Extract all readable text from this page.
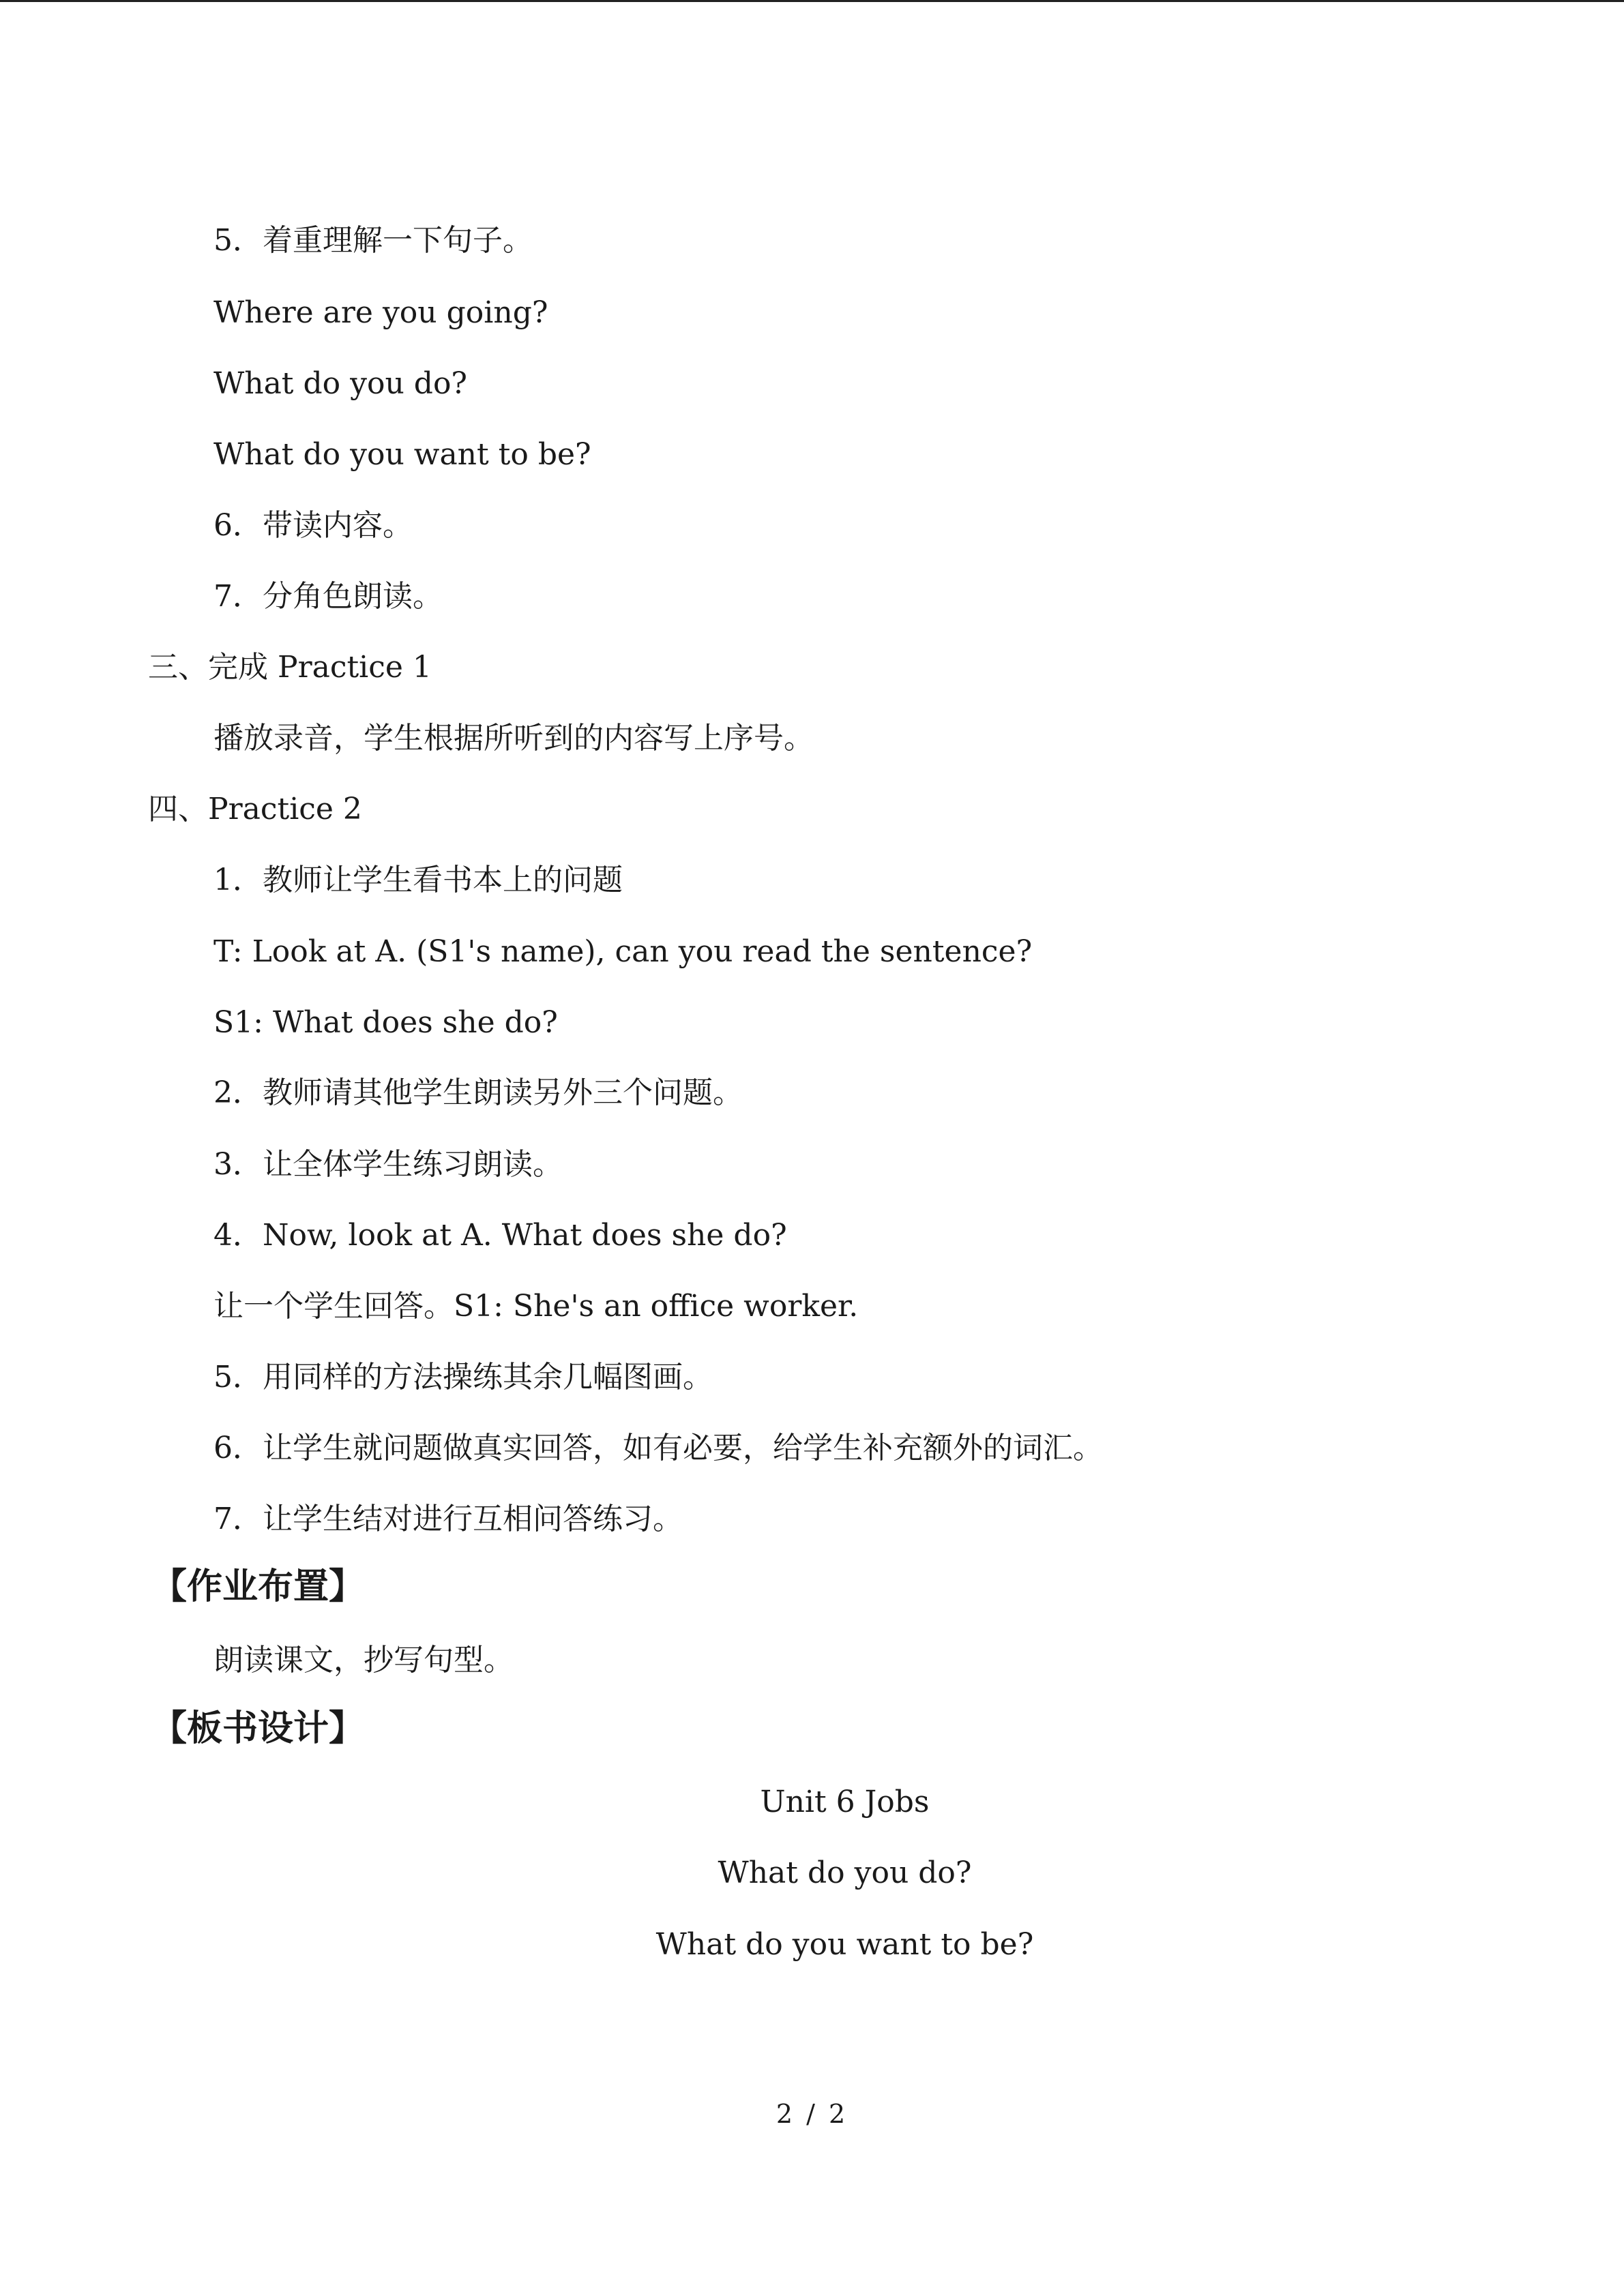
5．着重理解一下句子。
Where are you going?
What do you do?
What do you want to be?
6．带读内容。
7．分角色朗读。
三、完成 Practice 1
播放录音，学生根据所听到的内容写上序号。
四、Practice 2
1．教师让学生看书本上的问题
T: Look at A. (S1's name), can you read the sentence?
S1: What does she do?
2．教师请其他学生朗读另外三个问题。
3．让全体学生练习朗读。
4．Now, look at A. What does she do?
让一个学生回答。S1: She's an office worker.
5．用同样的方法操练其余几幅图画。
6．让学生就问题做真实回答，如有必要，给学生补充额外的词汇。
7．让学生结对进行互相问答练习。
【作业布置】
朗读课文，抄写句型。
【板书设计】
Unit 6 Jobs
What do you do?
What do you want to be?
2 / 2
